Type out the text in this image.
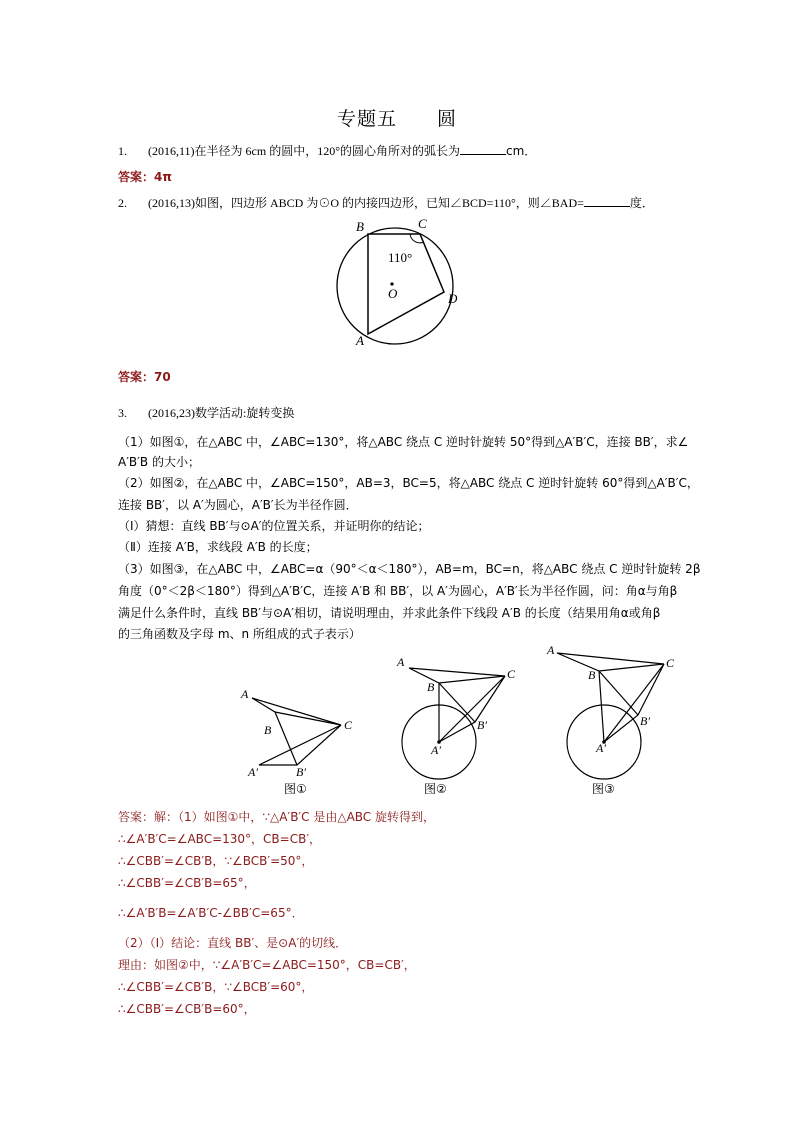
专题五 圆
1. (2016,11)在半径为 6cm 的圆中，120°的圆心角所对的弧长为	cm．
答案：4π
2. (2016,13)如图，四边形 ABCD 为⊙O 的内接四边形，已知∠BCD=110°，则∠BAD=	度．
B	C
D
A
O
110°
答案：70
3. (2016,23)数学活动:旋转变换
（1）如图①，在△ABC 中，∠ABC=130°，将△ABC 绕点 C 逆时针旋转 50°得到△A′B′C，连接 BB′，求∠
A′B′B 的大小；
（2）如图②，在△ABC 中，∠ABC=150°，AB=3，BC=5，将△ABC 绕点 C 逆时针旋转 60°得到△A′B′C，
连接 BB′，以 A′为圆心，A′B′长为半径作圆．
（Ⅰ）猜想：直线 BB′与⊙A′的位置关系，并证明你的结论；
（Ⅱ）连接 A′B，求线段 A′B 的长度；
（3）如图③，在△ABC 中，∠ABC=α（90°＜α＜180°），AB=m，BC=n，将△ABC 绕点 C 逆时针旋转 2β
角度（0°＜2β＜180°）得到△A′B′C，连接 A′B 和 BB′，以 A′为圆心，A′B′长为半径作圆，问：角α与角β
满足什么条件时，直线 BB′与⊙A′相切，请说明理由，并求此条件下线段 A′B 的长度（结果用角α或角β
的三角函数及字母 m、n 所组成的式子表示）
A
B	C
A′	B′
图①
A
B
C
B′
A′
图②
A
B
C
B′
A′
图③
答案：解：（1）如图①中，∵△A′B′C 是由△ABC 旋转得到，
∴∠A′B′C=∠ABC=130°，CB=CB′，
∴∠CBB′=∠CB′B，∵∠BCB′=50°，
∴∠CBB′=∠CB′B=65°，
∴∠A′B′B=∠A′B′C-∠BB′C=65°．
（2）（Ⅰ）结论：直线 BB′、是⊙A′的切线．
理由：如图②中，∵∠A′B′C=∠ABC=150°，CB=CB′，
∴∠CBB′=∠CB′B，∵∠BCB′=60°，
∴∠CBB′=∠CB′B=60°，
